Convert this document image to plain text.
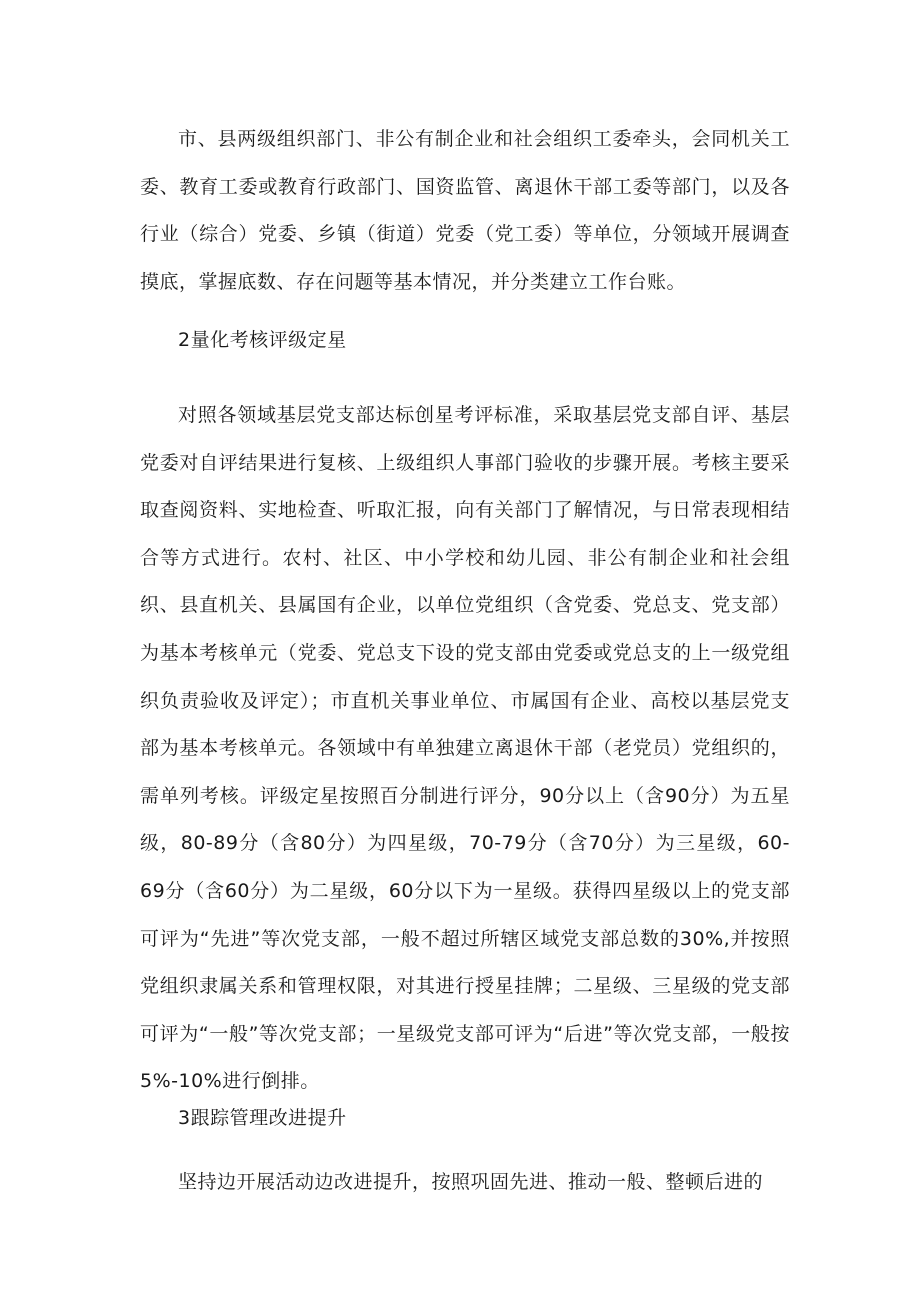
市、县两级组织部门、非公有制企业和社会组织工委牵头，会同机关工委、教育工委或教育行政部门、国资监管、离退休干部工委等部门，以及各行业（综合）党委、乡镇（街道）党委（党工委）等单位，分领域开展调查摸底，掌握底数、存在问题等基本情况，并分类建立工作台账。

2量化考核评级定星

对照各领域基层党支部达标创星考评标准，采取基层党支部自评、基层党委对自评结果进行复核、上级组织人事部门验收的步骤开展。考核主要采取查阅资料、实地检查、听取汇报，向有关部门了解情况，与日常表现相结合等方式进行。农村、社区、中小学校和幼儿园、非公有制企业和社会组织、县直机关、县属国有企业，以单位党组织（含党委、党总支、党支部）为基本考核单元（党委、党总支下设的党支部由党委或党总支的上一级党组织负责验收及评定）；市直机关事业单位、市属国有企业、高校以基层党支部为基本考核单元。各领域中有单独建立离退休干部（老党员）党组织的，需单列考核。评级定星按照百分制进行评分，90分以上（含90分）为五星级，80-89分（含80分）为四星级，70-79分（含70分）为三星级，60-69分（含60分）为二星级，60分以下为一星级。获得四星级以上的党支部可评为“先进”等次党支部，一般不超过所辖区域党支部总数的30%,并按照党组织隶属关系和管理权限，对其进行授星挂牌；二星级、三星级的党支部可评为“一般”等次党支部；一星级党支部可评为“后进”等次党支部，一般按5%-10%进行倒排。

3跟踪管理改进提升

坚持边开展活动边改进提升，按照巩固先进、推动一般、整顿后进的
